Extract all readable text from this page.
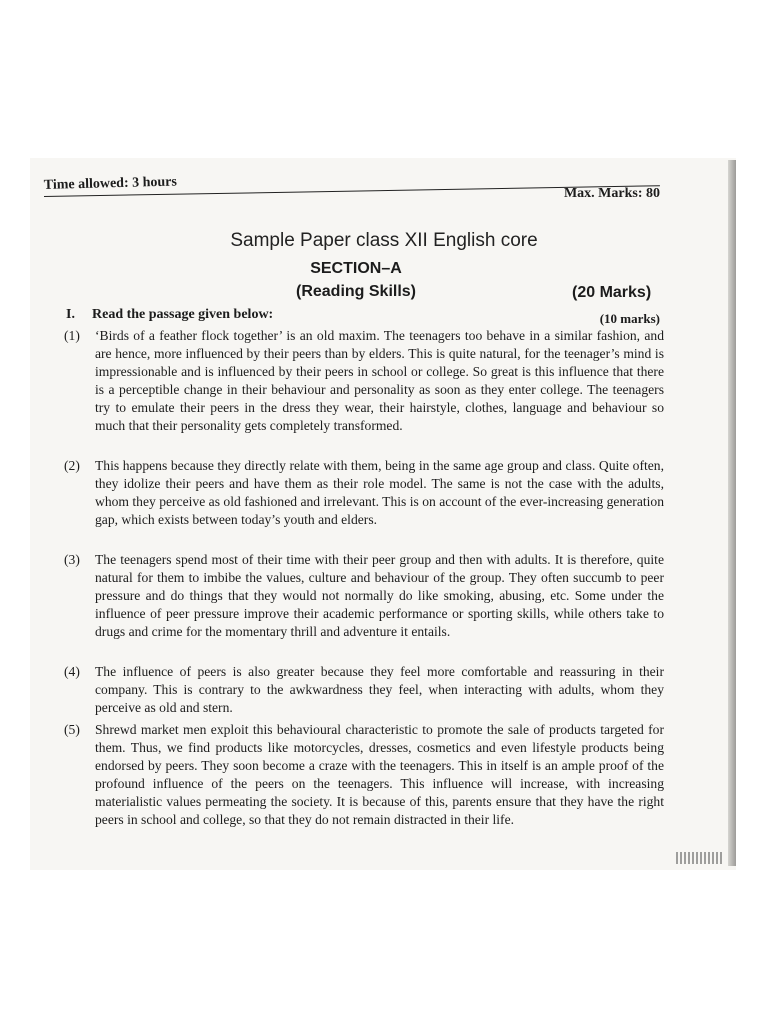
Time allowed: 3 hours
Max. Marks: 80
Sample Paper class XII English core
SECTION–A
(Reading Skills)	(20 Marks)
I. Read the passage given below:	(10 marks)
(1) ‘Birds of a feather flock together’ is an old maxim. The teenagers too behave in a similar fashion, and are hence, more influenced by their peers than by elders. This is quite natural, for the teenager’s mind is impressionable and is influenced by their peers in school or college. So great is this influence that there is a perceptible change in their behaviour and personality as soon as they enter college. The teenagers try to emulate their peers in the dress they wear, their hairstyle, clothes, language and behaviour so much that their personality gets completely transformed.
(2) This happens because they directly relate with them, being in the same age group and class. Quite often, they idolize their peers and have them as their role model. The same is not the case with the adults, whom they perceive as old fashioned and irrelevant. This is on account of the ever-increasing generation gap, which exists between today’s youth and elders.
(3) The teenagers spend most of their time with their peer group and then with adults. It is therefore, quite natural for them to imbibe the values, culture and behaviour of the group. They often succumb to peer pressure and do things that they would not normally do like smoking, abusing, etc. Some under the influence of peer pressure improve their academic performance or sporting skills, while others take to drugs and crime for the momentary thrill and adventure it entails.
(4) The influence of peers is also greater because they feel more comfortable and reassuring in their company. This is contrary to the awkwardness they feel, when interacting with adults, whom they perceive as old and stern.
(5) Shrewd market men exploit this behavioural characteristic to promote the sale of products targeted for them. Thus, we find products like motorcycles, dresses, cosmetics and even lifestyle products being endorsed by peers. They soon become a craze with the teenagers. This in itself is an ample proof of the profound influence of the peers on the teenagers. This influence will increase, with increasing materialistic values permeating the society. It is because of this, parents ensure that they have the right peers in school and college, so that they do not remain distracted in their life.
